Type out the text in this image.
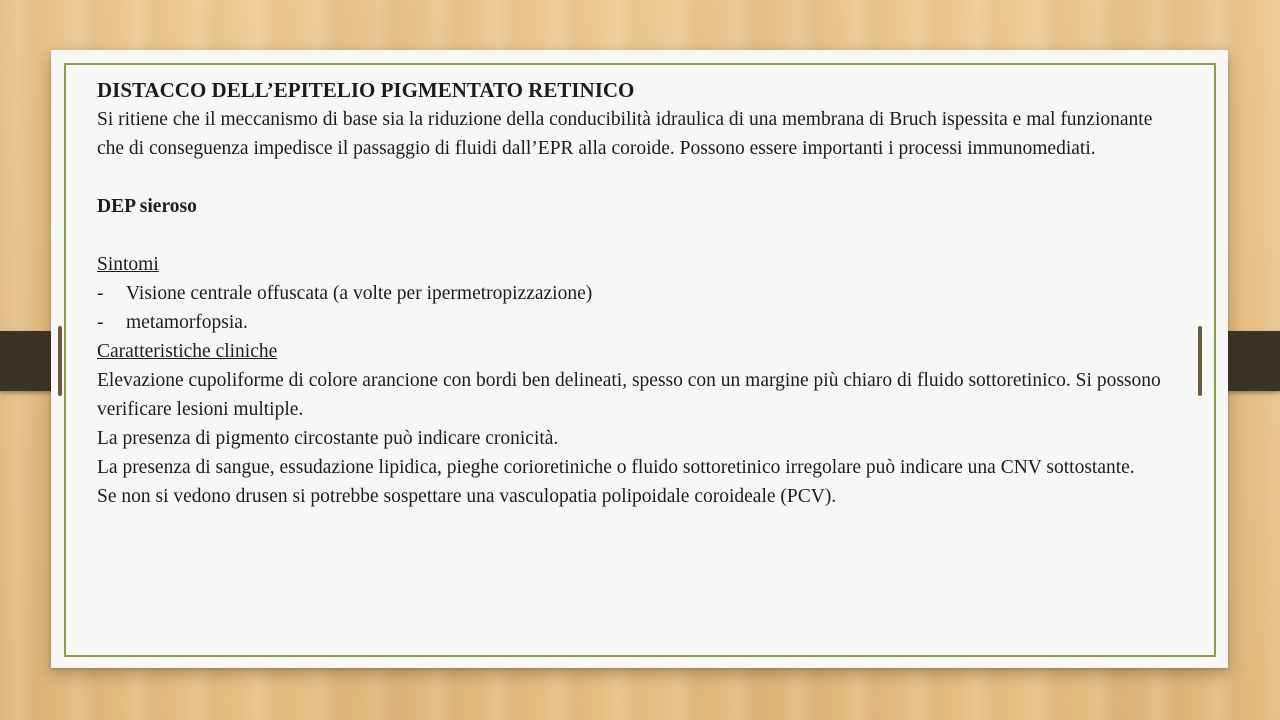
DISTACCO DELL’EPITELIO PIGMENTATO RETINICO
Si ritiene che il meccanismo di base sia la riduzione della conducibilità idraulica di una membrana di Bruch ispessita e mal funzionante che di conseguenza impedisce il passaggio di fluidi dall’EPR alla coroide. Possono essere importanti i processi immunomediati.
DEP sieroso
Sintomi
-	Visione centrale offuscata (a volte per ipermetropizzazione)
-	metamorfopsia.
Caratteristiche cliniche
Elevazione cupoliforme di colore arancione con bordi ben delineati, spesso con un margine più chiaro di fluido sottoretinico. Si possono verificare lesioni multiple.
La presenza di pigmento circostante può indicare cronicità.
La presenza di sangue, essudazione lipidica, pieghe corioretiniche o fluido sottoretinico irregolare può indicare una CNV sottostante.
Se non si vedono drusen si potrebbe sospettare una vasculopatia polipoidale coroideale (PCV).
